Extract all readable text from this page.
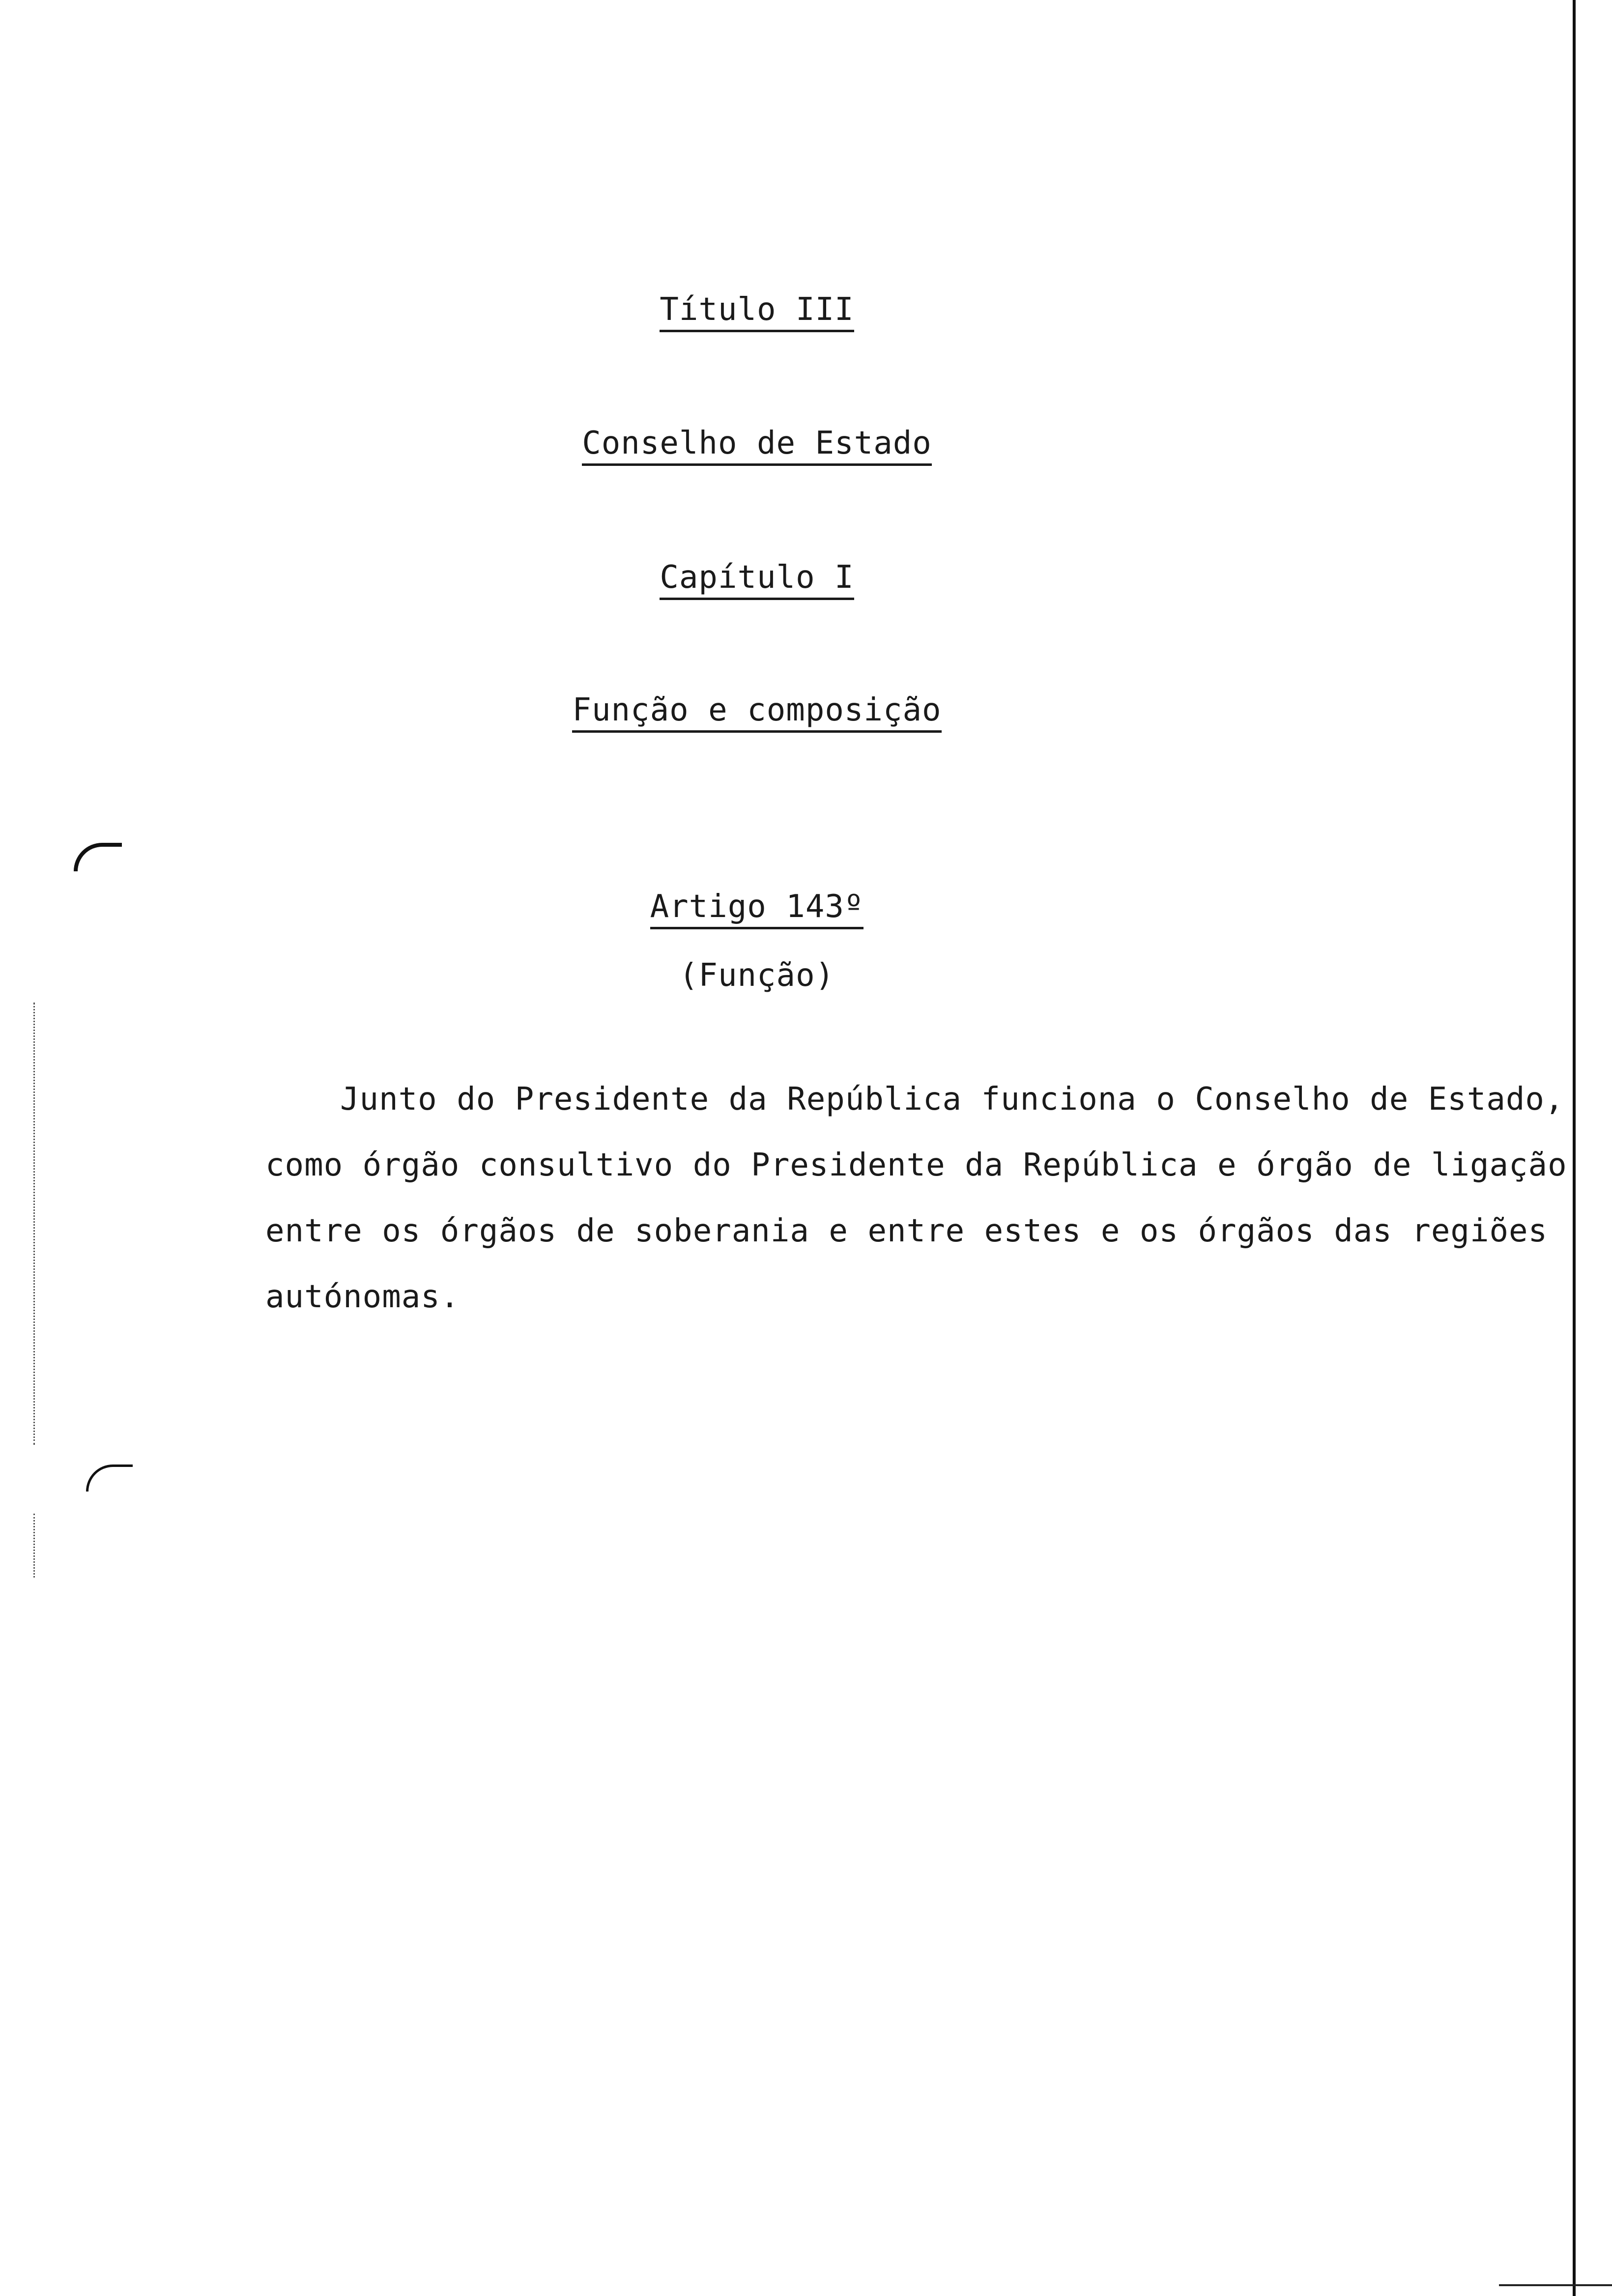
Título III
Conselho de Estado
Capítulo I
Função e composição
Artigo 143º
(Função)
Junto do Presidente da República funciona o Conselho de Estado,
como órgão consultivo do Presidente da República e órgão de ligação
entre os órgãos de soberania e entre estes e os órgãos das regiões
autónomas.
